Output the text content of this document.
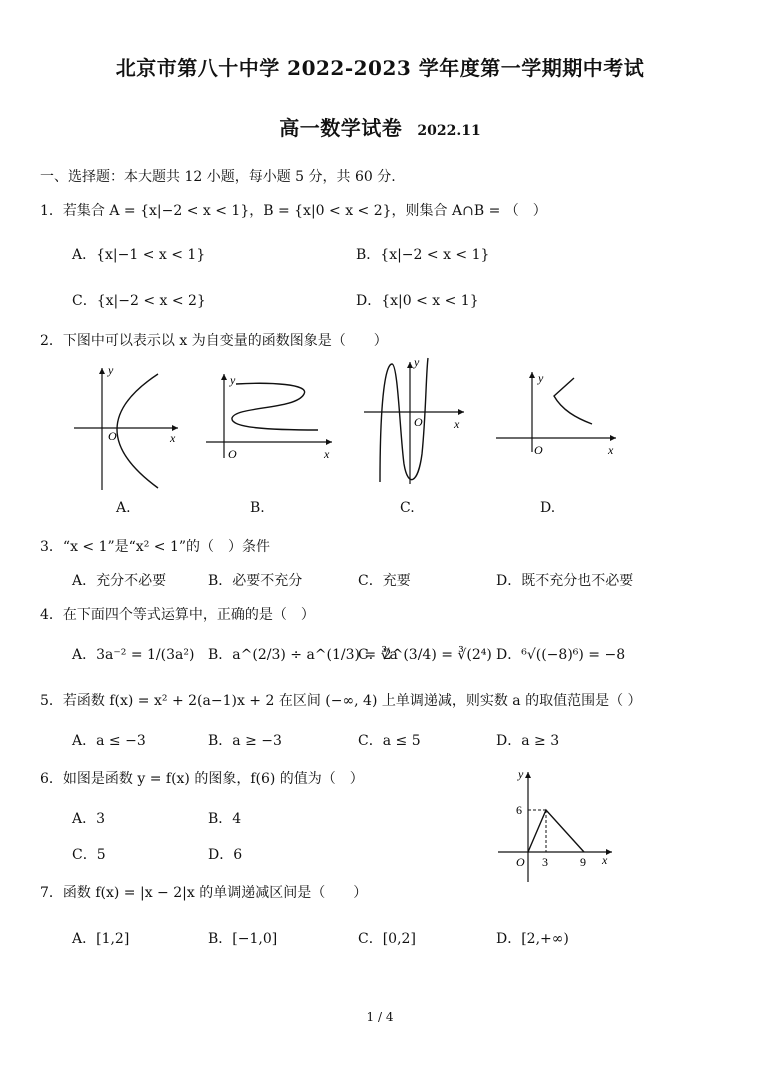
北京市第八十中学 2022-2023 学年度第一学期期中考试
高一数学试卷 2022.11
一、选择题：本大题共 12 小题，每小题 5 分，共 60 分.
1．若集合 A = {x|−2 < x < 1}，B = {x|0 < x < 2}，则集合 A∩B = （　）
A．{x|−1 < x < 1}	B．{x|−2 < x < 1}
C．{x|−2 < x < 2}	D．{x|0 < x < 1}
2．下图中可以表示以 x 为自变量的函数图象是（　　）
y
x
O
y
x
O
y
x
O
y
x
O
A.	B.	C.	D.
3．“x < 1”是“x² < 1”的（　）条件
A．充分不必要	B．必要不充分	C．充要	D．既不充分也不必要
4．在下面四个等式运算中，正确的是（　）
A．3a⁻² = 1/(3a²) B．a^(2/3) ÷ a^(1/3) = ∛a
C．2^(3/4) = ∛(2⁴) D．⁶√((−8)⁶) = −8
5．若函数 f(x) = x² + 2(a−1)x + 2 在区间 (−∞, 4) 上单调递减，则实数 a 的取值范围是（ ）
A．a ≤ −3	B．a ≥ −3	C．a ≤ 5	D．a ≥ 3
6．如图是函数 y = f(x) 的图象，f(6) 的值为（　）
A．3	B．4
C．5	D．6
y
x
O
6
3	9
7．函数 f(x) = |x − 2|x 的单调递减区间是（　　）
A．[1,2]	B．[−1,0]	C．[0,2]	D．[2,+∞)
1 / 4
